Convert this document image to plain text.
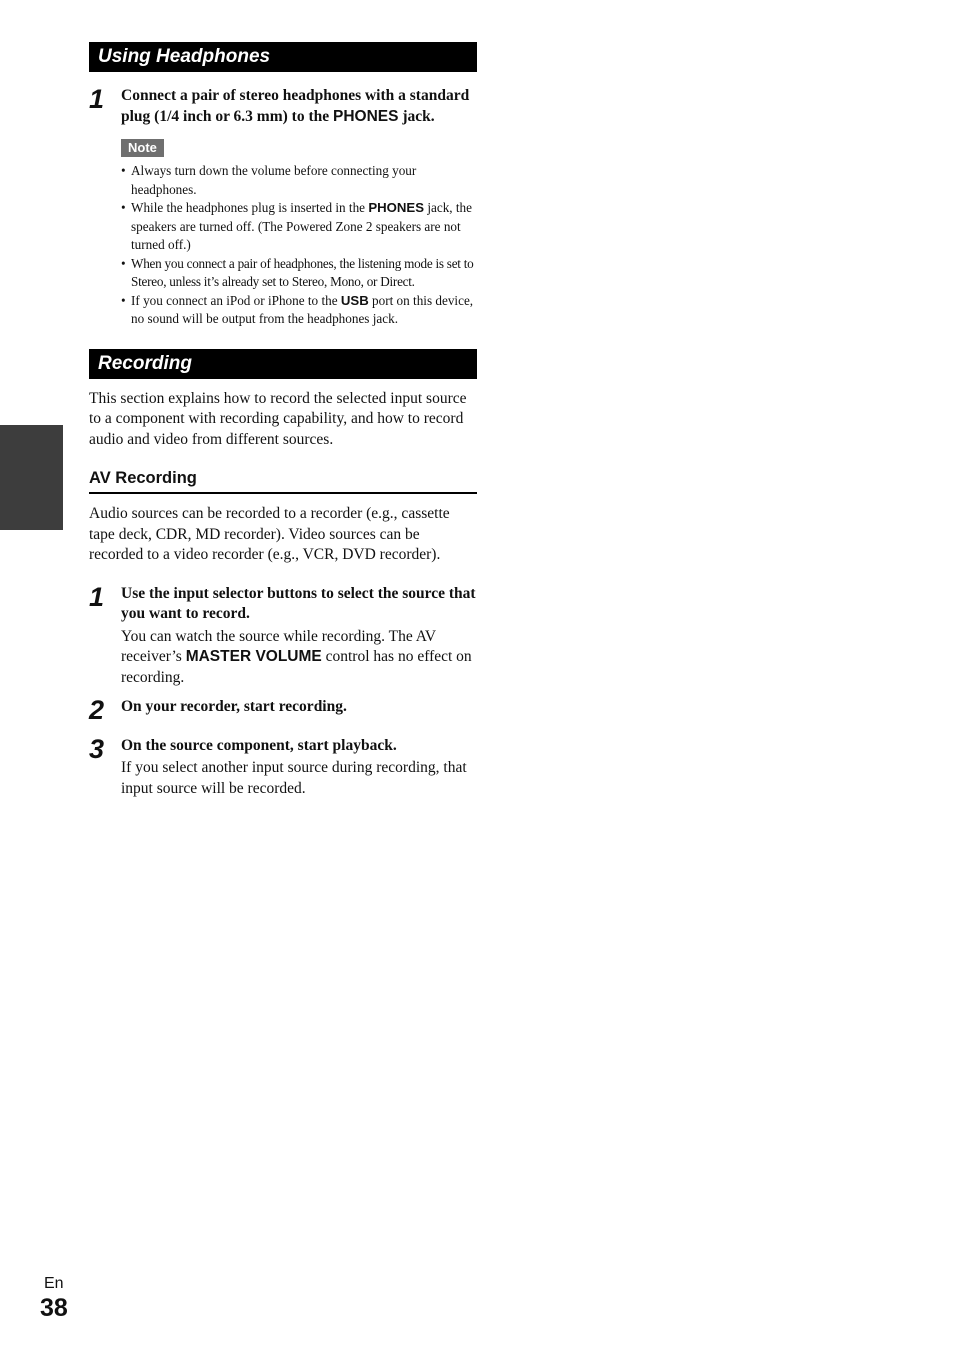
Using Headphones
1 Connect a pair of stereo headphones with a standard plug (1/4 inch or 6.3 mm) to the PHONES jack.
Note
• Always turn down the volume before connecting your headphones.
• While the headphones plug is inserted in the PHONES jack, the speakers are turned off. (The Powered Zone 2 speakers are not turned off.)
• When you connect a pair of headphones, the listening mode is set to Stereo, unless it’s already set to Stereo, Mono, or Direct.
• If you connect an iPod or iPhone to the USB port on this device, no sound will be output from the headphones jack.
Recording
This section explains how to record the selected input source to a component with recording capability, and how to record audio and video from different sources.
AV Recording
Audio sources can be recorded to a recorder (e.g., cassette tape deck, CDR, MD recorder). Video sources can be recorded to a video recorder (e.g., VCR, DVD recorder).
1 Use the input selector buttons to select the source that you want to record.
You can watch the source while recording. The AV receiver’s MASTER VOLUME control has no effect on recording.
2 On your recorder, start recording.
3 On the source component, start playback.
If you select another input source during recording, that input source will be recorded.
En
38
